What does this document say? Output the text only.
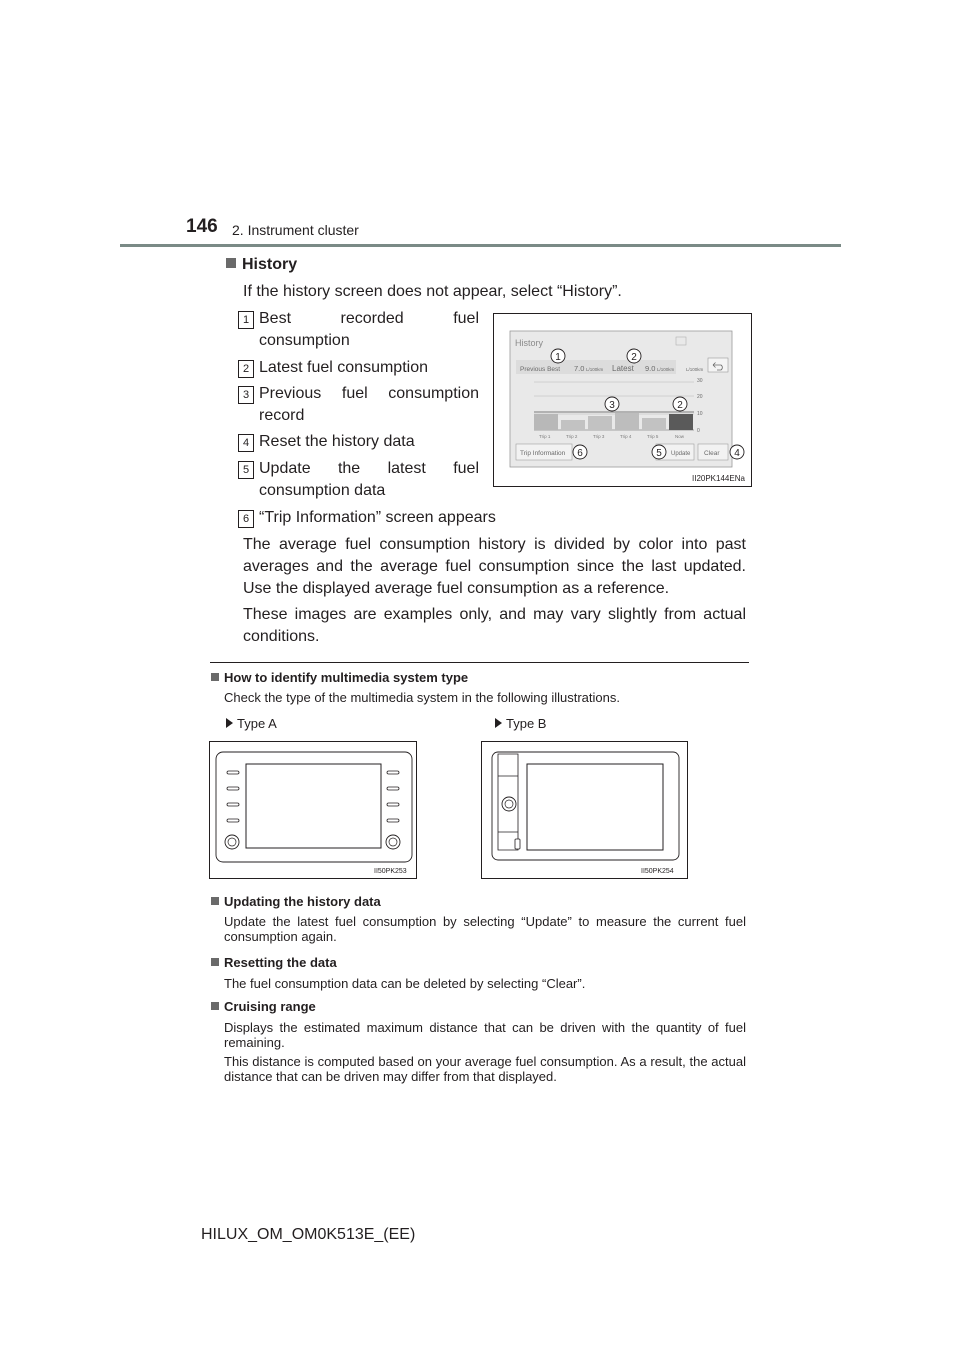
146 2. Instrument cluster
History
If the history screen does not appear, select “History”.
1 Best recorded fuel consumption
2 Latest fuel consumption
3 Previous fuel consumption record
4 Reset the history data
5 Update the latest fuel consumption data
6 “Trip Information” screen appears
History
Previous Best 7.0 L/100km Latest 9.0 L/100km	L/100km
30
20
10
0
Trip 1	Trip 2	Trip 3	Trip 4	Trip 5	Now
Trip Information	Update Clear
1	2
3	2
6	5	4
II20PK144ENa
The average fuel consumption history is divided by color into past averages and the average fuel consumption since the last updated. Use the displayed average fuel consumption as a reference.
These images are examples only, and may vary slightly from actual conditions.
How to identify multimedia system type
Check the type of the multimedia system in the following illustrations.
Type A	Type B
II50PK253	II50PK254
Updating the history data
Update the latest fuel consumption by selecting “Update” to measure the current fuel consumption again.
Resetting the data
The fuel consumption data can be deleted by selecting “Clear”.
Cruising range
Displays the estimated maximum distance that can be driven with the quantity of fuel remaining.
This distance is computed based on your average fuel consumption. As a result, the actual distance that can be driven may differ from that displayed.
HILUX_OM_OM0K513E_(EE)
